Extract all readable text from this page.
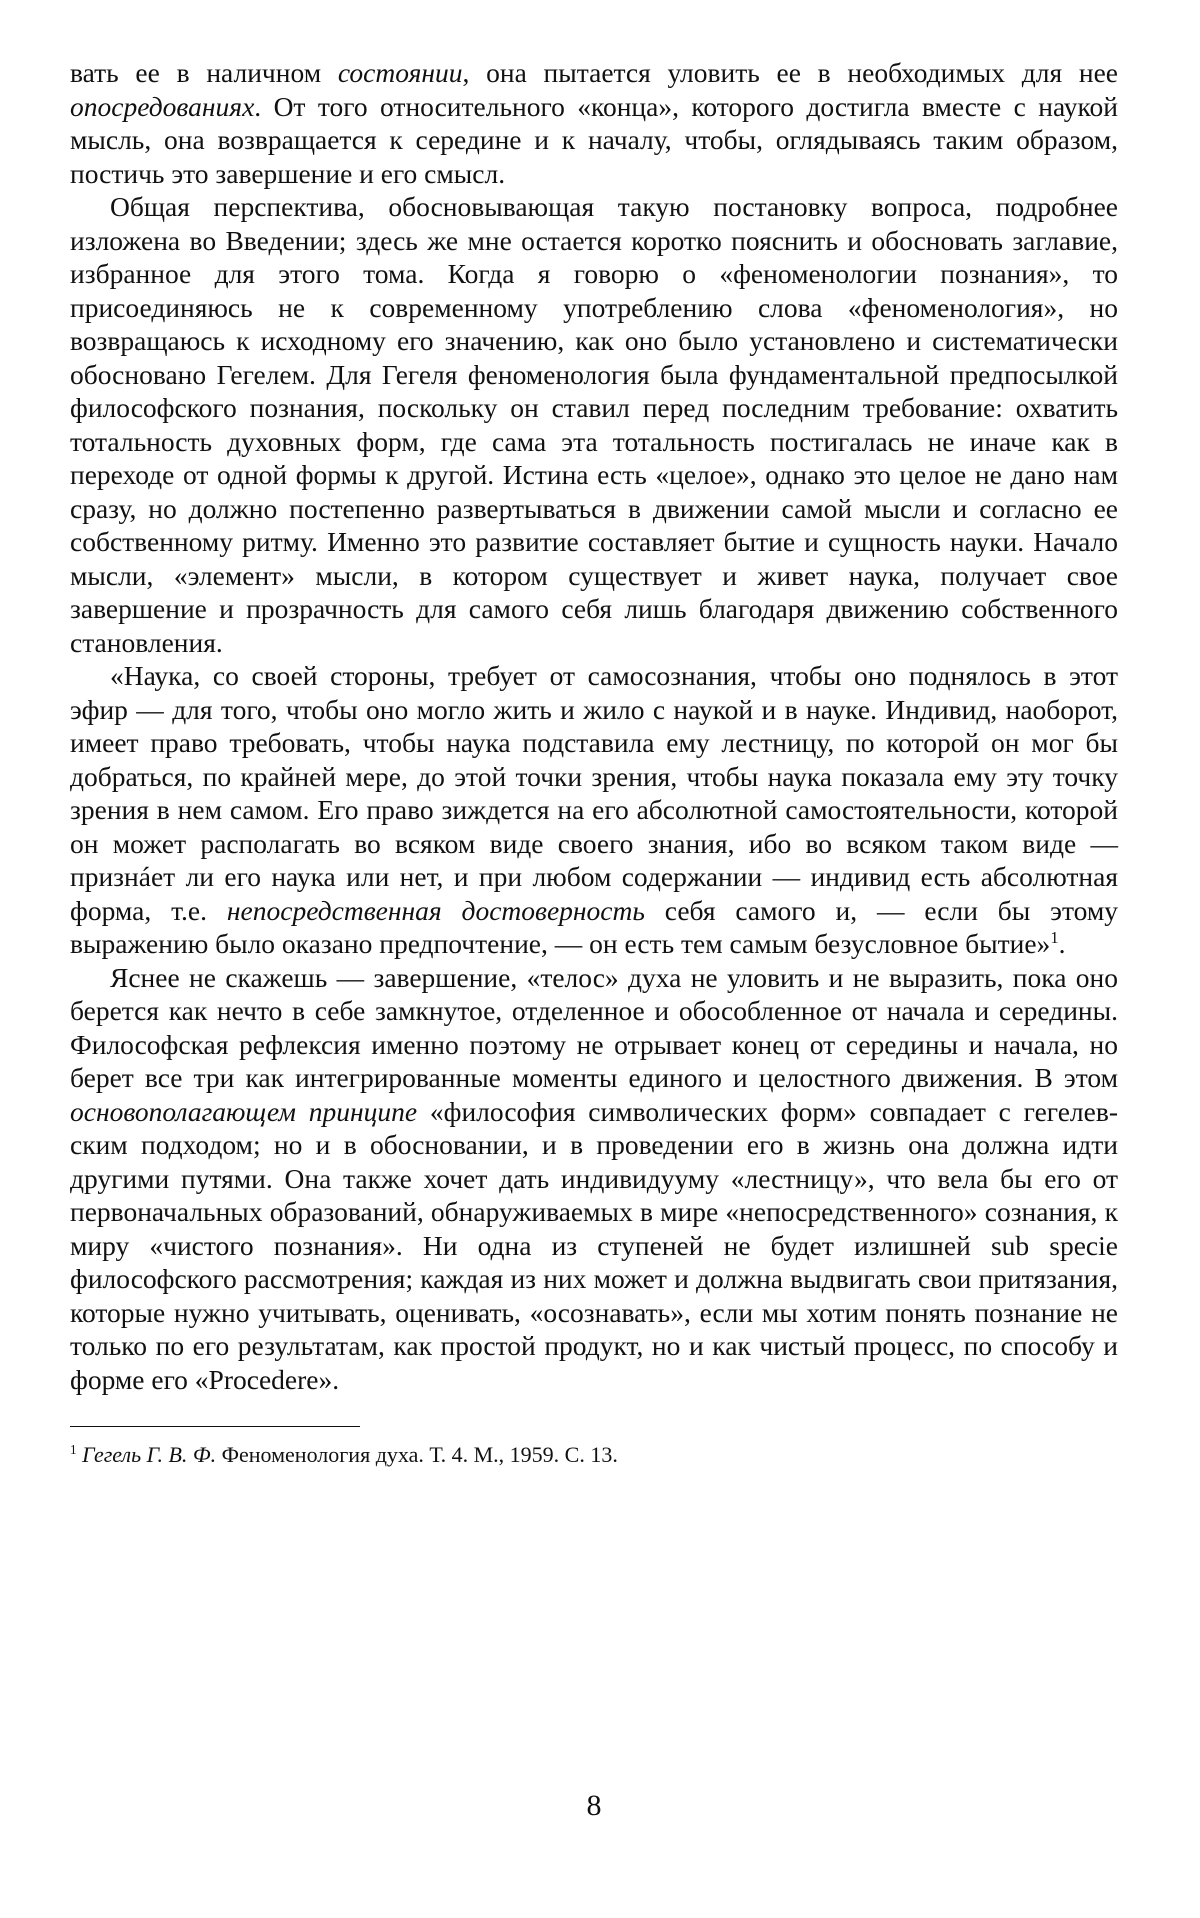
вать ее в наличном состоянии, она пытается уловить ее в необходимых для нее опосредованиях. От того относительного «конца», которого достигла вместе с наукой мысль, она возвращается к середине и к началу, чтобы, оглядываясь таким образом, постичь это завершение и его смысл.

Общая перспектива, обосновывающая такую постановку вопроса, подробнее изложена во Введении; здесь же мне остается коротко пояснить и обосновать заглавие, избранное для этого тома. Когда я говорю о «феноменологии познания», то присоединяюсь не к современному употреблению слова «феноменология», но возвращаюсь к исходному его значению, как оно было установлено и систематически обосновано Гегелем. Для Гегеля феноменология была фундаментальной предпосылкой философского познания, поскольку он ставил перед последним требование: охватить тотальность духовных форм, где сама эта тотальность постигалась не иначе как в переходе от одной формы к другой. Истина есть «целое», однако это целое не дано нам сразу, но должно постепенно развертываться в движении самой мысли и согласно ее собственному ритму. Именно это развитие составляет бытие и сущность науки. Начало мысли, «элемент» мысли, в котором существует и живет наука, получает свое завершение и прозрачность для самого себя лишь благодаря движению собственного становления.

«Наука, со своей стороны, требует от самосознания, чтобы оно поднялось в этот эфир — для того, чтобы оно могло жить и жило с наукой и в науке. Индивид, наоборот, имеет право требовать, чтобы наука подставила ему лестницу, по которой он мог бы добраться, по крайней мере, до этой точки зрения, чтобы наука показала ему эту точку зрения в нем самом. Его право зиждется на его абсолютной самостоятельности, которой он может располагать во всяком виде своего знания, ибо во всяком таком виде — признáет ли его наука или нет, и при любом содержании — индивид есть абсолютная форма, т.е. непосредственная достоверность себя самого и, — если бы этому выражению было оказано предпочтение, — он есть тем самым безусловное бытие»$^1$.

Яснее не скажешь — завершение, «телос» духа не уловить и не выразить, пока оно берется как нечто в себе замкнутое, отделенное и обособленное от начала и середины. Философская рефлексия именно поэтому не отрывает конец от середины и начала, но берет все три как интегрированные моменты единого и целостного движения. В этом основополагающем принципе «философия символических форм» совпадает с гегелевским подходом; но и в обосновании, и в проведении его в жизнь она должна идти другими путями. Она также хочет дать индивидууму «лестницу», что вела бы его от первоначальных образований, обнаруживаемых в мире «непосредственного» сознания, к миру «чистого познания». Ни одна из ступеней не будет излишней sub specie философского рассмотрения; каждая из них может и должна выдвигать свои притязания, которые нужно учитывать, оценивать, «осознавать», если мы хотим понять познание не только по его результатам, как простой продукт, но и как чистый процесс, по способу и форме его «Procedere».

$^1$ Гегель Г. В. Ф. Феноменология духа. Т. 4. М., 1959. С. 13.

8
